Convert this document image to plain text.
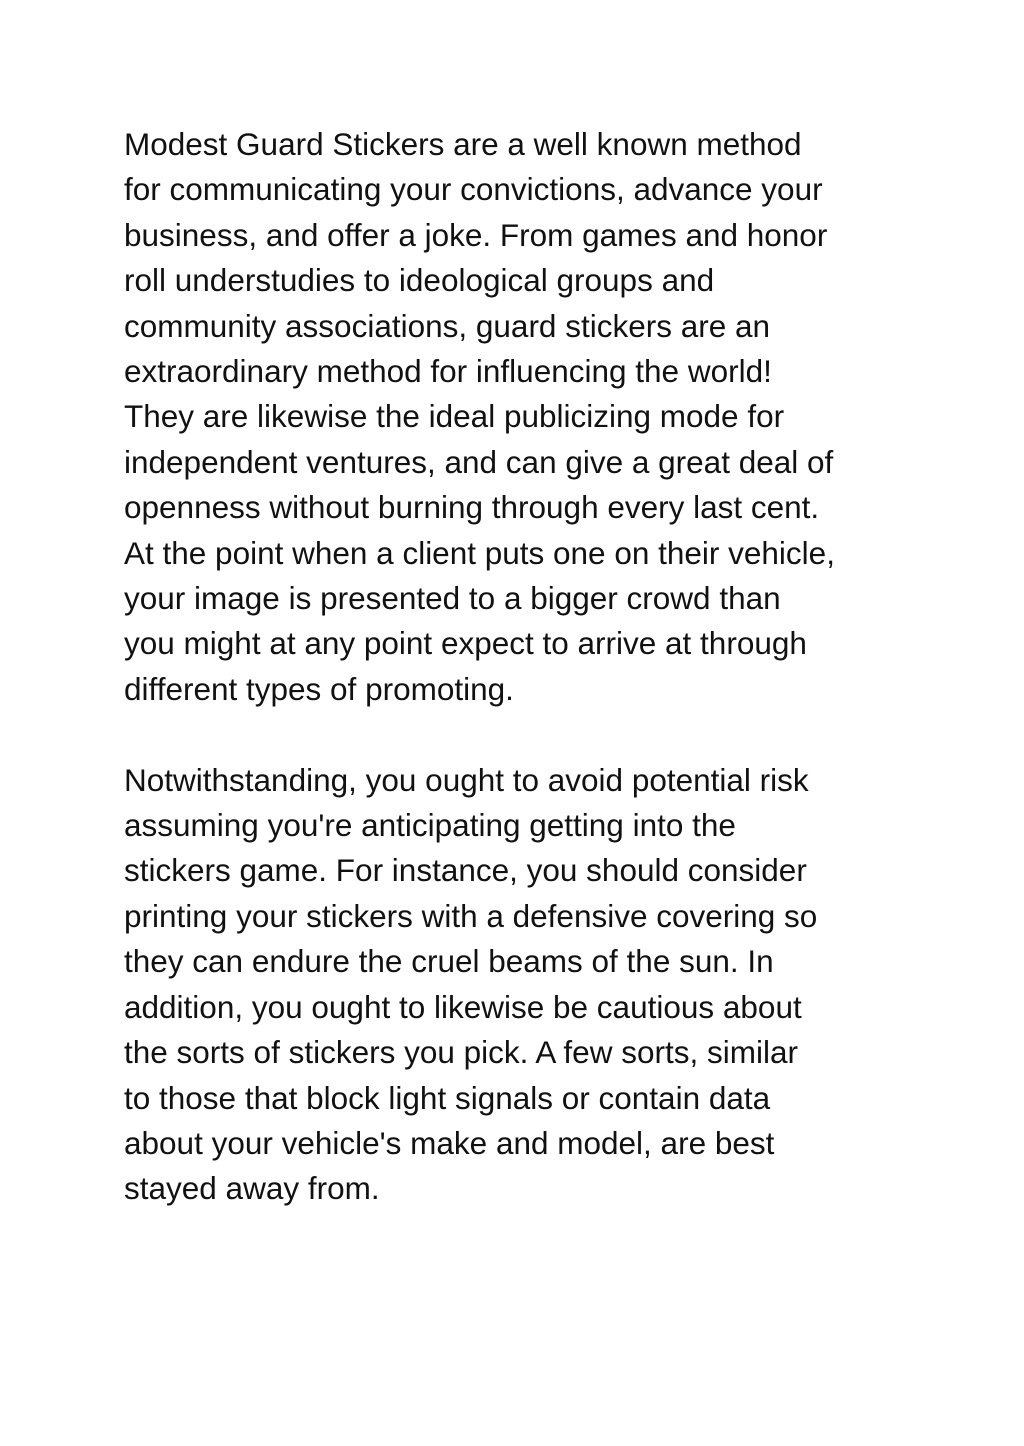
Modest Guard Stickers are a well known method
for communicating your convictions, advance your
business, and offer a joke. From games and honor
roll understudies to ideological groups and
community associations, guard stickers are an
extraordinary method for influencing the world!
They are likewise the ideal publicizing mode for
independent ventures, and can give a great deal of
openness without burning through every last cent.
At the point when a client puts one on their vehicle,
your image is presented to a bigger crowd than
you might at any point expect to arrive at through
different types of promoting.
Notwithstanding, you ought to avoid potential risk
assuming you're anticipating getting into the
stickers game. For instance, you should consider
printing your stickers with a defensive covering so
they can endure the cruel beams of the sun. In
addition, you ought to likewise be cautious about
the sorts of stickers you pick. A few sorts, similar
to those that block light signals or contain data
about your vehicle's make and model, are best
stayed away from.
